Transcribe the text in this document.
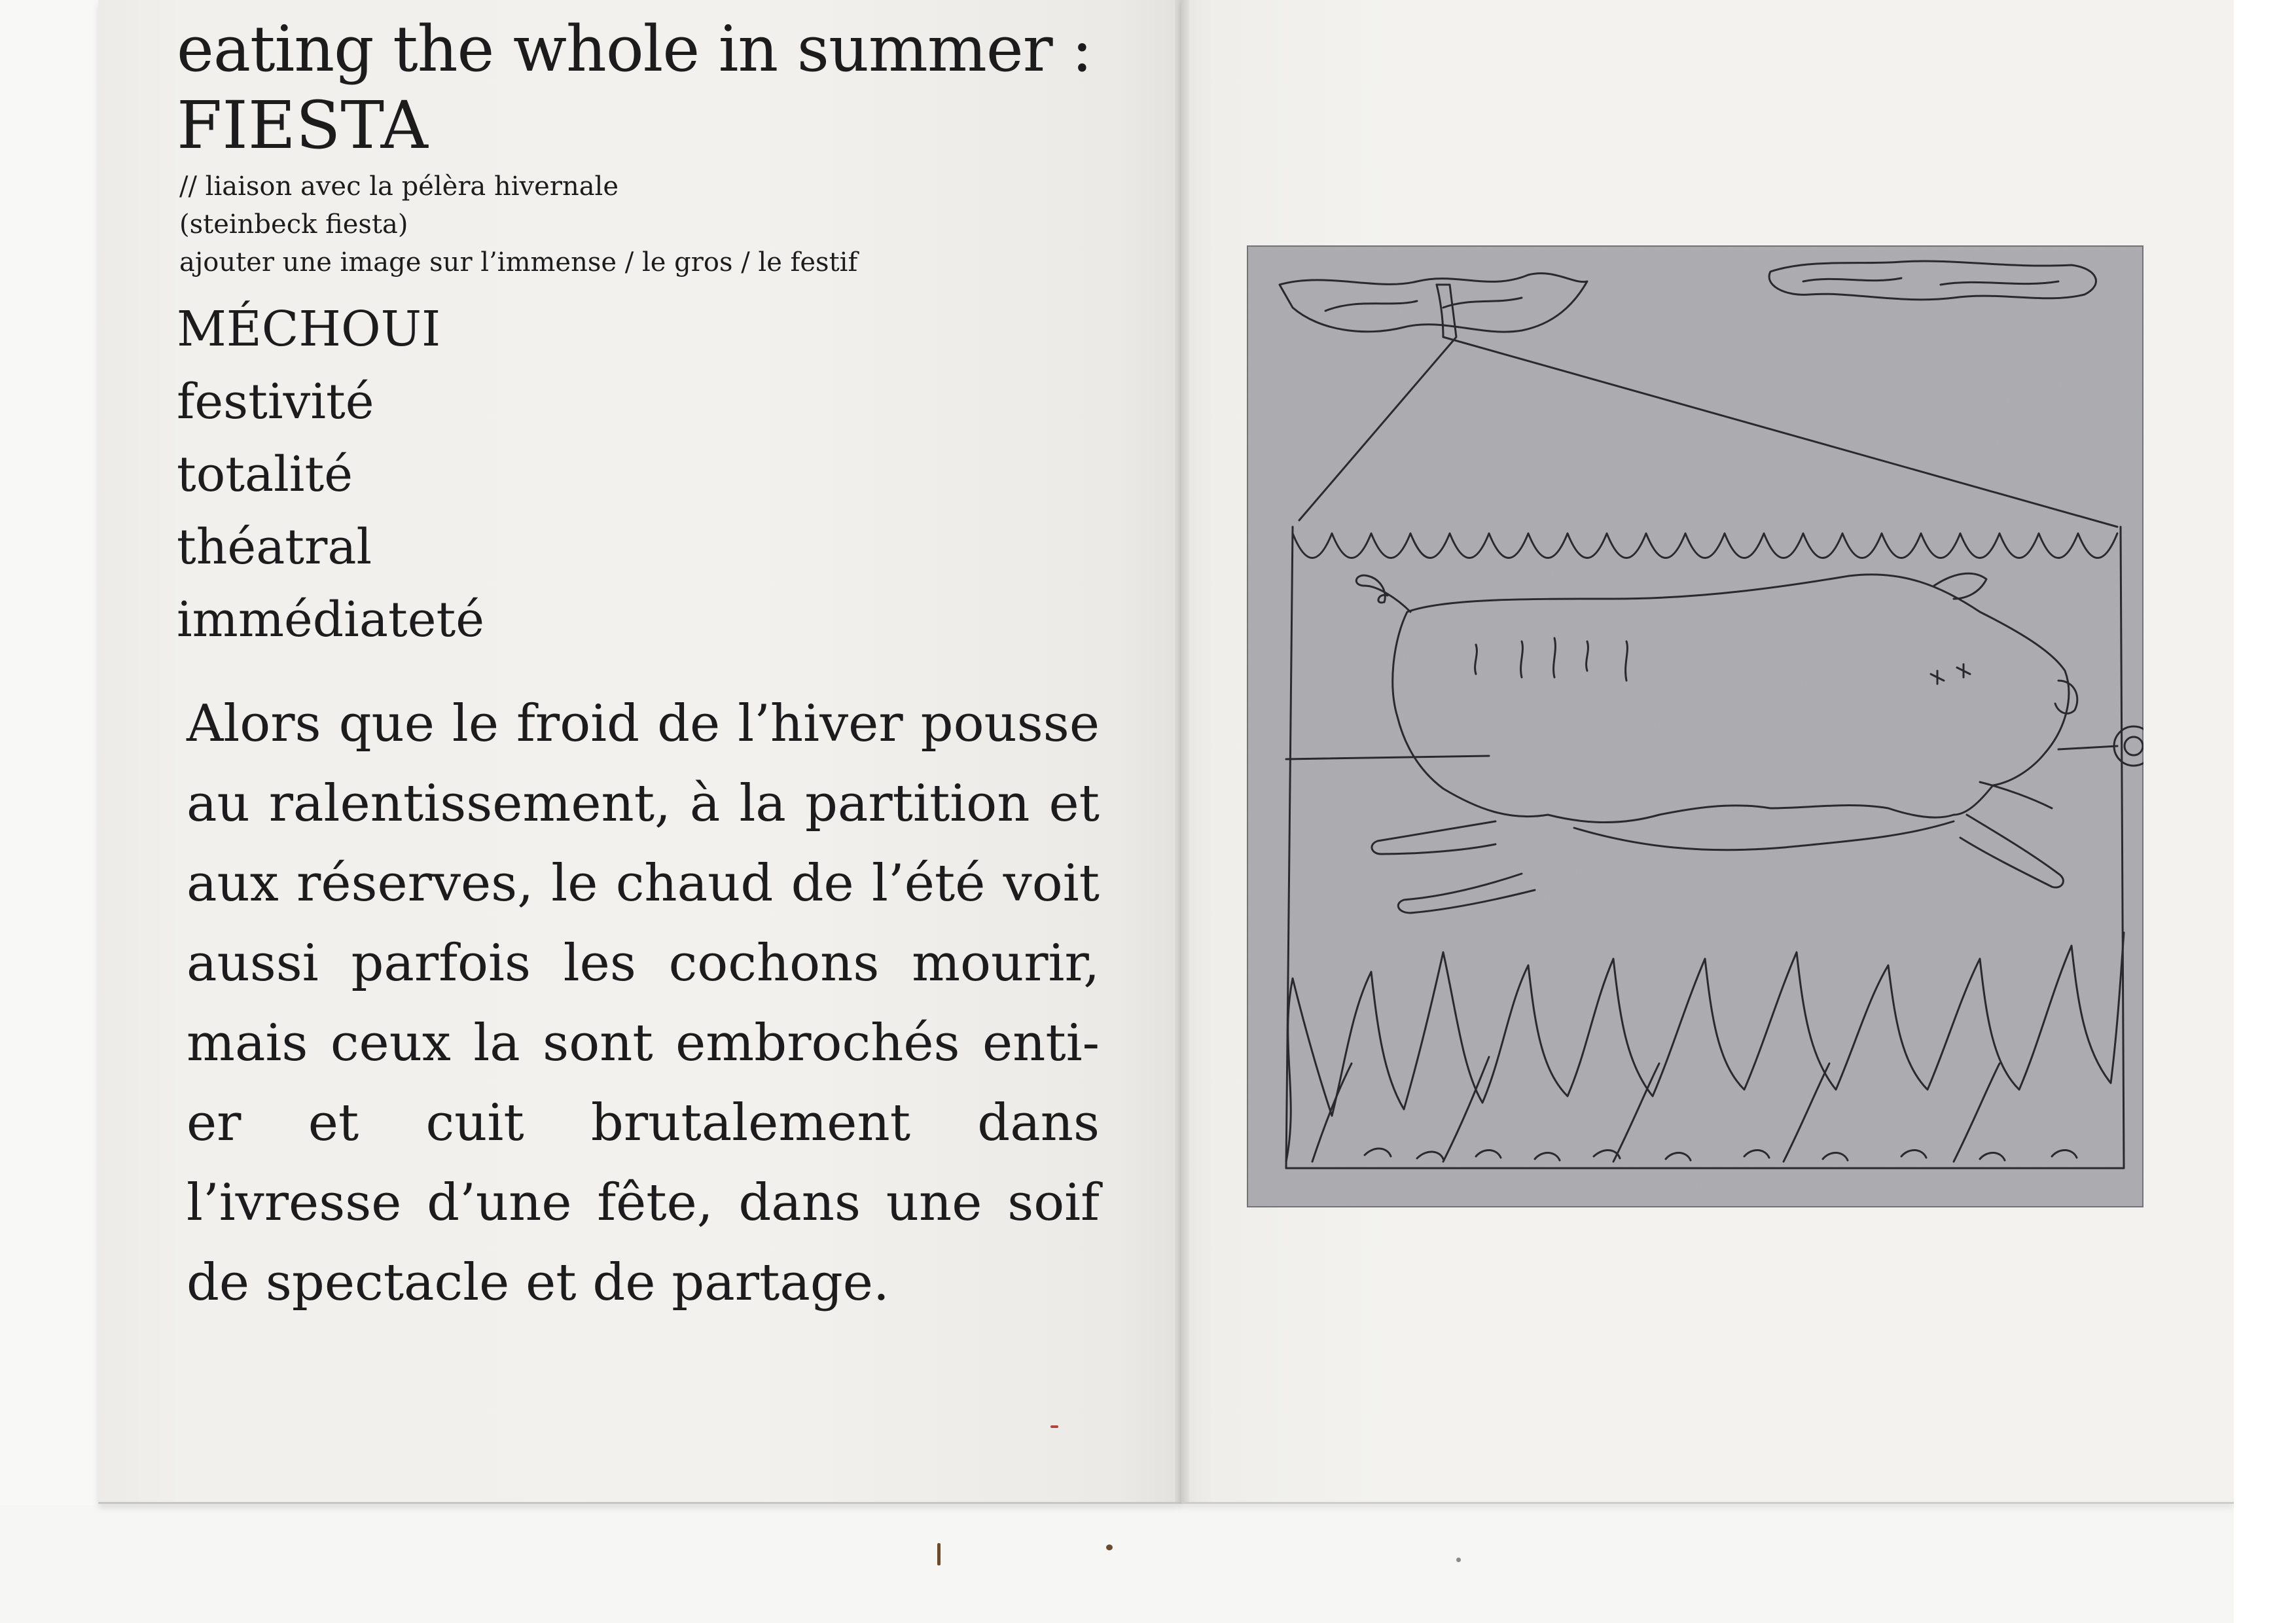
eating the whole in summer :
FIESTA
// liaison avec la pélèra hivernale
(steinbeck fiesta)
ajouter une image sur l’immense / le gros / le festif
MÉCHOUI
festivité
totalité
théatral
immédiateté

Alors que le froid de l’hiver pousse au ralentissement, à la partition et aux réserves, le chaud de l’été voit aussi parfois les cochons mourir, mais ceux la sont embrochés entier et cuit brutalement dans l’ivresse d’une fête, dans une soif de spectacle et de partage.
